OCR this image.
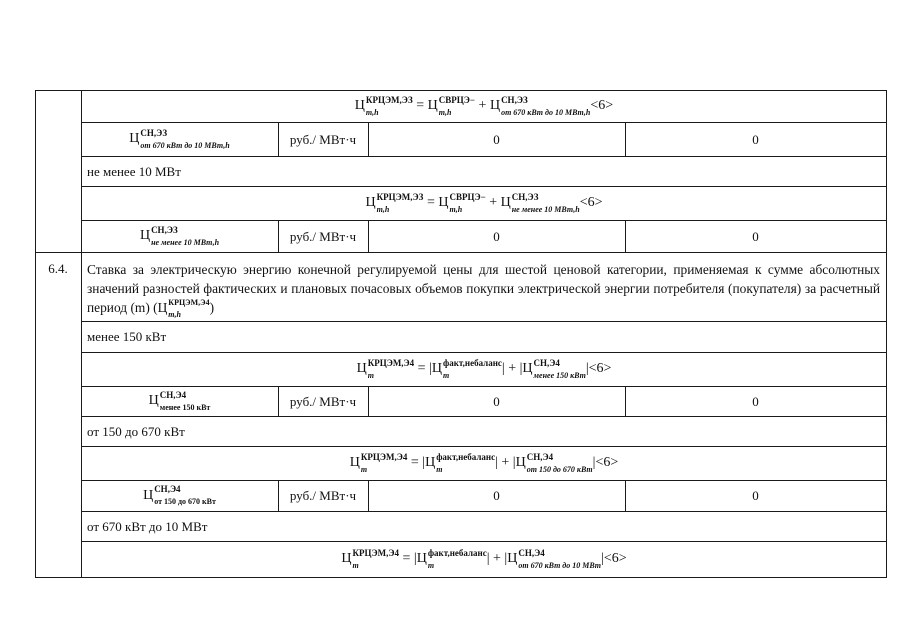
Ц КРЦЭМ,ЭЗ
m,h
	=
Ц СВРЦЭ−
m,h
	+
Ц СН,ЭЗ
от 670 кВт до 10 МВт,h <6>
Ц СН,ЭЗ
от 670 кВт до 10 МВт,h	руб./ МВт·ч	0	0
не менее 10 МВт
Ц КРЦЭМ,ЭЗ
m,h
	=
Ц СВРЦЭ−
m,h
	+
Ц СН,ЭЗ
не менее 10 МВт,h <6>
Ц СН,ЭЗ
не менее 10 МВт,h	руб./ МВт·ч	0	0
6.4.	Ставка за электрическую энергию конечной регулируемой цены для шестой ценовой категории, применяемая к сумме абсолютных значений разностей фактических и плановых почасовых объемов покупки электрической энергии потребителя (покупателя) за расчетный период (m) (Ц КРЦЭМ,Э4
m,h	)
менее 150 кВт
Ц КРЦЭМ,Э4
m
	=
|Ц факт,небаланс
m	| + | Ц СН,Э4
менее 150 кВт |<6>
Ц СН,Э4
менее 150 кВт	руб./ МВт·ч	0	0
от 150 до 670 кВт
Ц КРЦЭМ,Э4
m
	=
|Ц факт,небаланс
m	| + | Ц СН,Э4
от 150 до 670 кВт |<6>
Ц СН,Э4
от 150 до 670 кВт	руб./ МВт·ч	0	0
от 670 кВт до 10 МВт
Ц КРЦЭМ,Э4
m
	=
|Ц факт,небаланс
m	| + | Ц СН,Э4
от 670 кВт до 10 МВт |<6>
